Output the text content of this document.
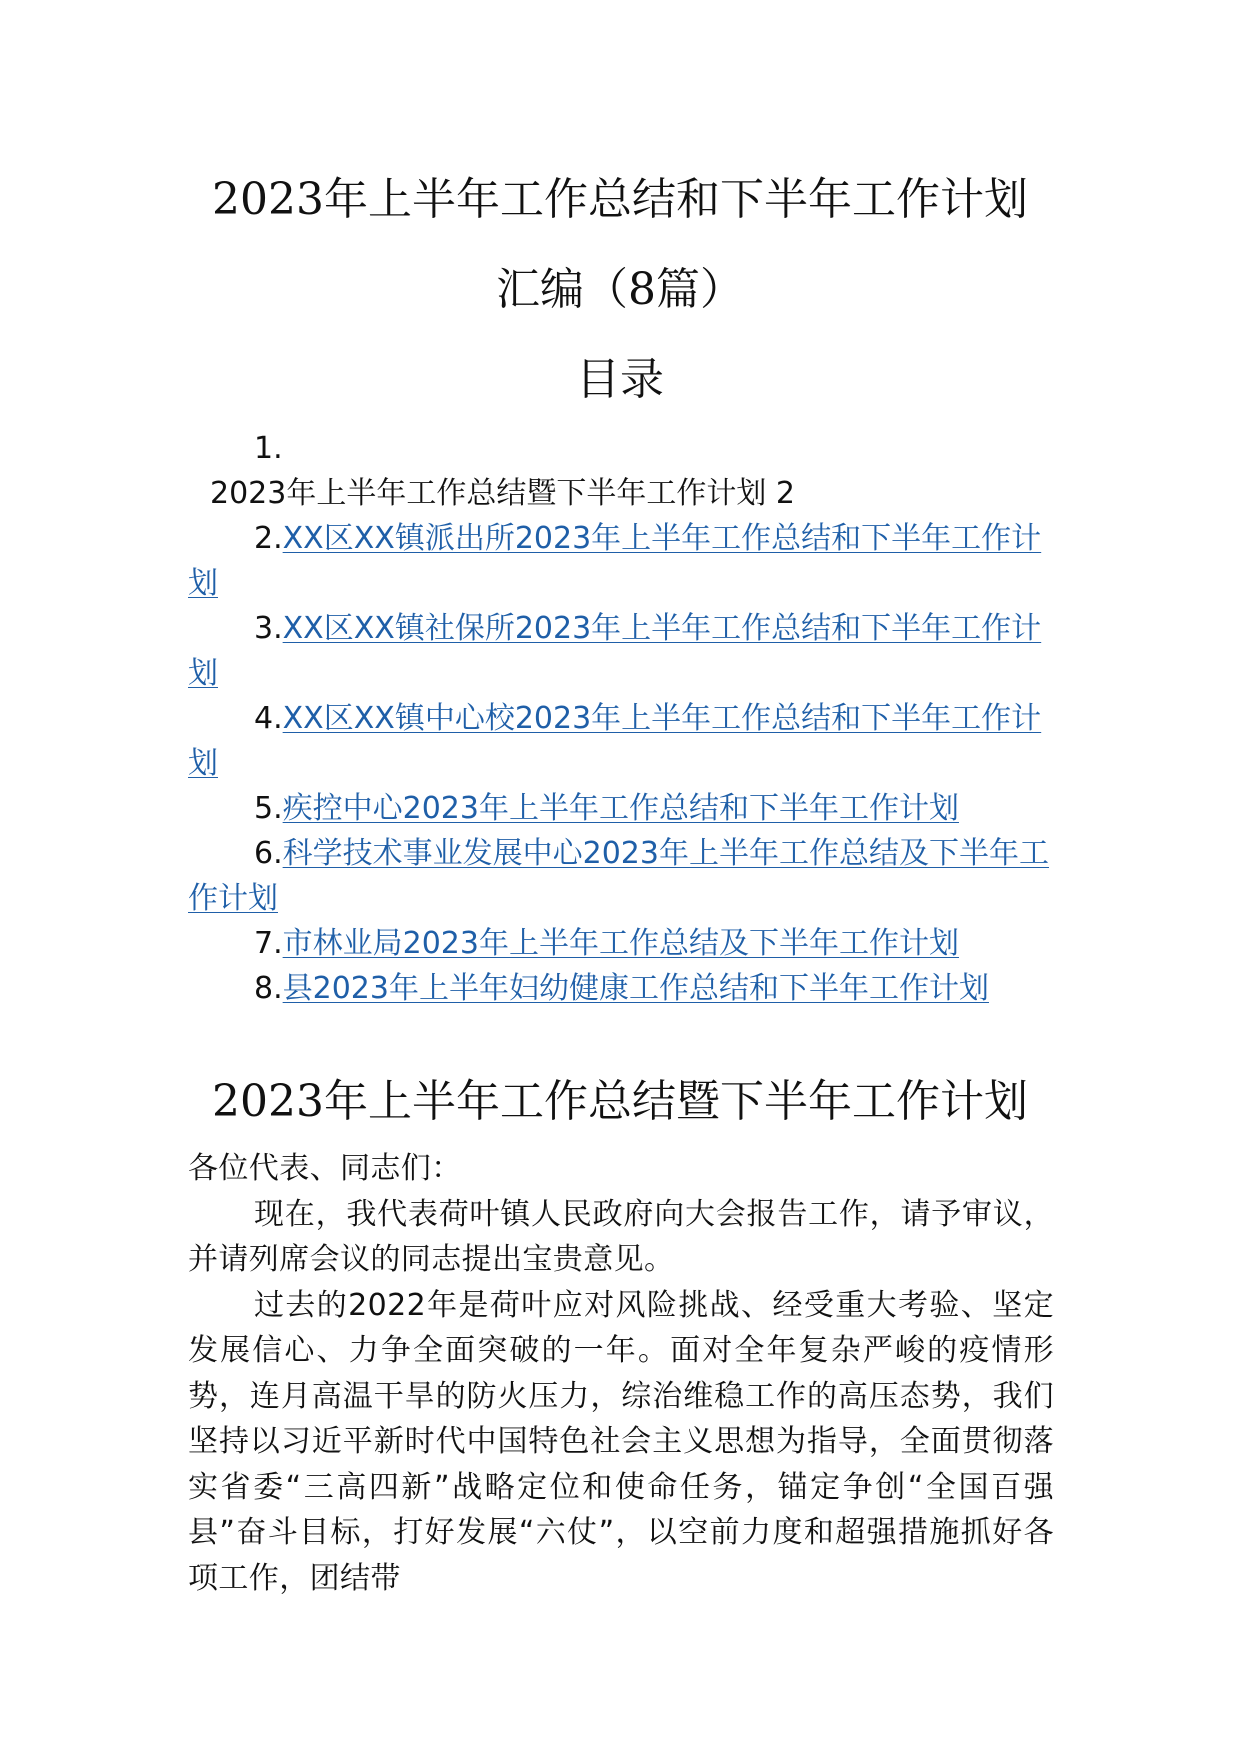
2023年上半年工作总结和下半年工作计划
汇编（8篇）
目录
1.
2023年上半年工作总结暨下半年工作计划 2
2.XX区XX镇派出所2023年上半年工作总结和下半年工作计划
3.XX区XX镇社保所2023年上半年工作总结和下半年工作计划
4.XX区XX镇中心校2023年上半年工作总结和下半年工作计划
5.疾控中心2023年上半年工作总结和下半年工作计划
6.科学技术事业发展中心2023年上半年工作总结及下半年工作计划
7.市林业局2023年上半年工作总结及下半年工作计划
8.县2023年上半年妇幼健康工作总结和下半年工作计划
2023年上半年工作总结暨下半年工作计划

各位代表、同志们：

现在，我代表荷叶镇人民政府向大会报告工作，请予审议，并请列席会议的同志提出宝贵意见。

过去的2022年是荷叶应对风险挑战、经受重大考验、坚定发展信心、力争全面突破的一年。面对全年复杂严峻的疫情形势，连月高温干旱的防火压力，综治维稳工作的高压态势，我们坚持以习近平新时代中国特色社会主义思想为指导，全面贯彻落实省委“三高四新”战略定位和使命任务，锚定争创“全国百强县”奋斗目标，打好发展“六仗”，以空前力度和超强措施抓好各项工作，团结带
